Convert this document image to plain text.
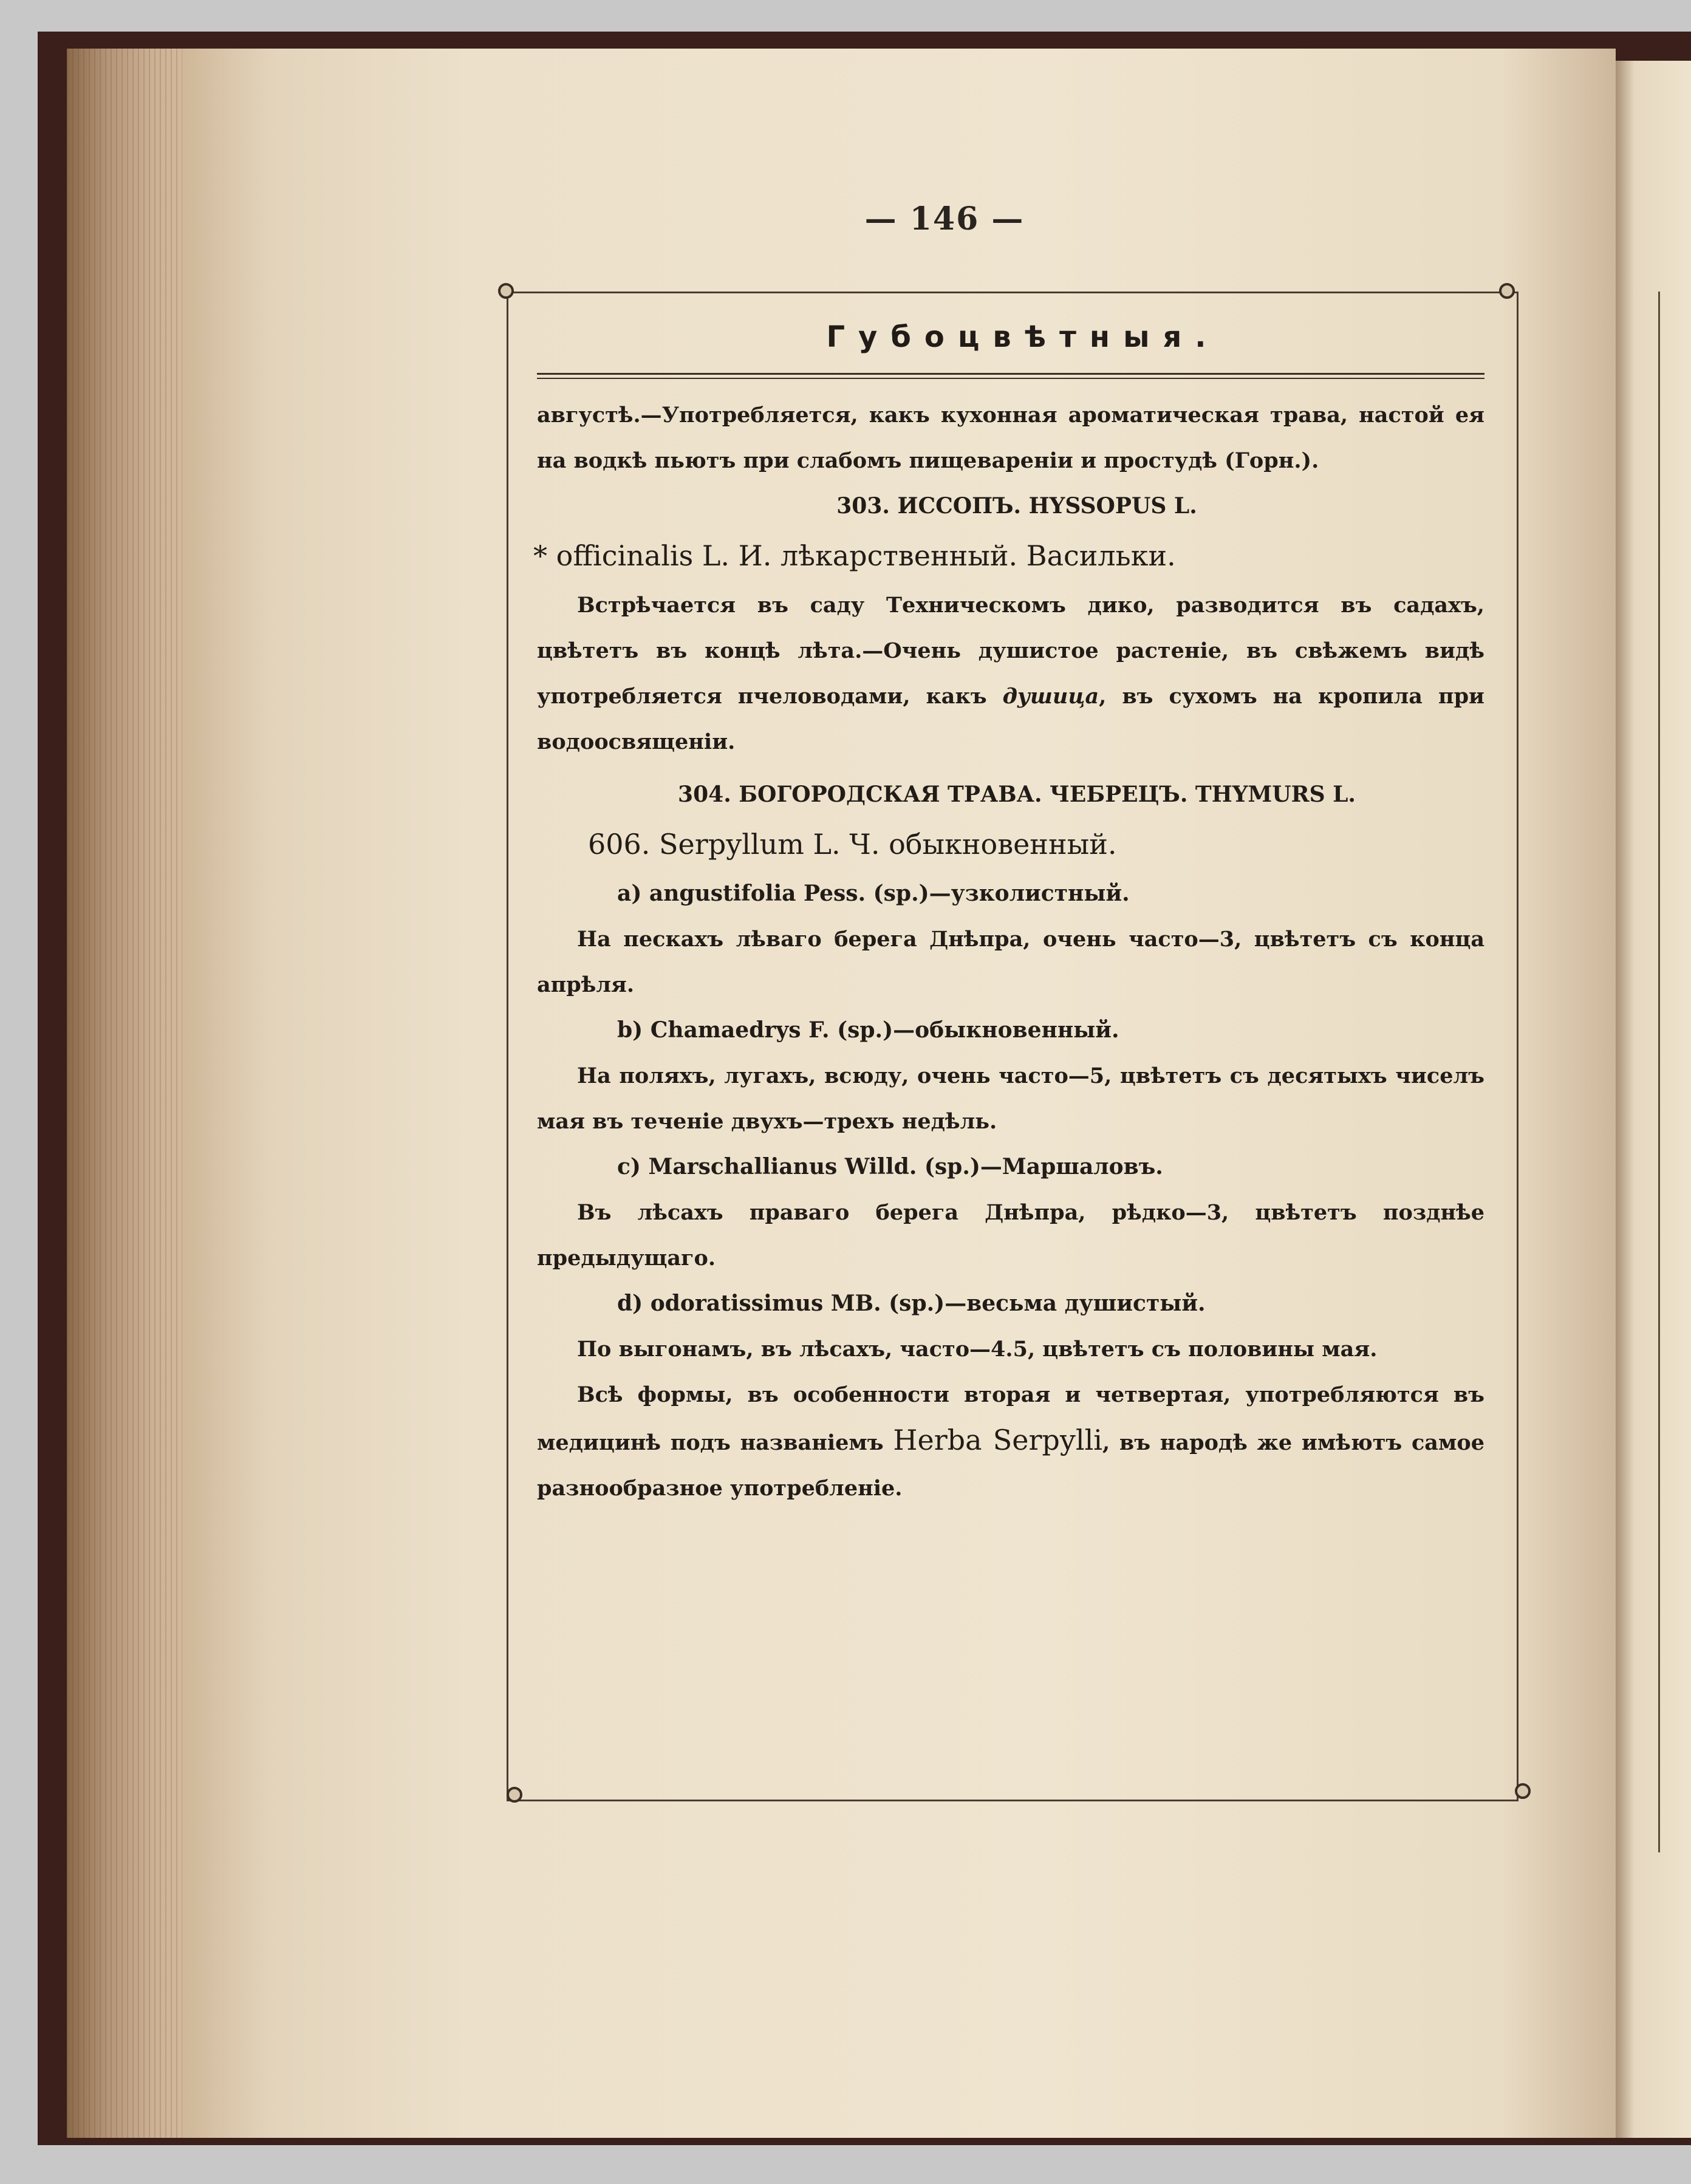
— 146 —
Губоцвѣтныя.

августѣ.—Употребляется, какъ кухонная ароматическая трава, настой ея на водкѣ пьютъ при слабомъ пищевареніи и простудѣ (Горн.).

303. ИССОПЪ. HYSSOPUS L.
* officinalis L. И. лѣкарственный. Васильки.

Встрѣчается въ саду Техническомъ дико, разводится въ садахъ, цвѣтетъ въ концѣ лѣта.—Очень душистое растеніе, въ свѣжемъ видѣ употребляется пчеловодами, какъ душица, въ сухомъ на кропила при водоосвященіи.

304. БОГОРОДСКАЯ ТРАВА. ЧЕБРЕЦЪ. THYMURS L.
606. Serpyllum L. Ч. обыкновенный.
a) angustifolia Pess. (sp.)—узколистный.

На пескахъ лѣваго берега Днѣпра, очень часто—3, цвѣтетъ съ конца апрѣля.

b) Chamaedrys F. (sp.)—обыкновенный.

На поляхъ, лугахъ, всюду, очень часто—5, цвѣтетъ съ десятыхъ чиселъ мая въ теченіе двухъ—трехъ недѣль.

c) Marschallianus Willd. (sp.)—Маршаловъ.

Въ лѣсахъ праваго берега Днѣпра, рѣдко—3, цвѣтетъ позднѣе предыдущаго.

d) odoratissimus MB. (sp.)—весьма душистый.

По выгонамъ, въ лѣсахъ, часто—4.5, цвѣтетъ съ половины мая.

Всѣ формы, въ особенности вторая и четвертая, употребляются въ медицинѣ подъ названіемъ Herba Serpylli, въ народѣ же имѣютъ самое разнообразное употребленіе.
